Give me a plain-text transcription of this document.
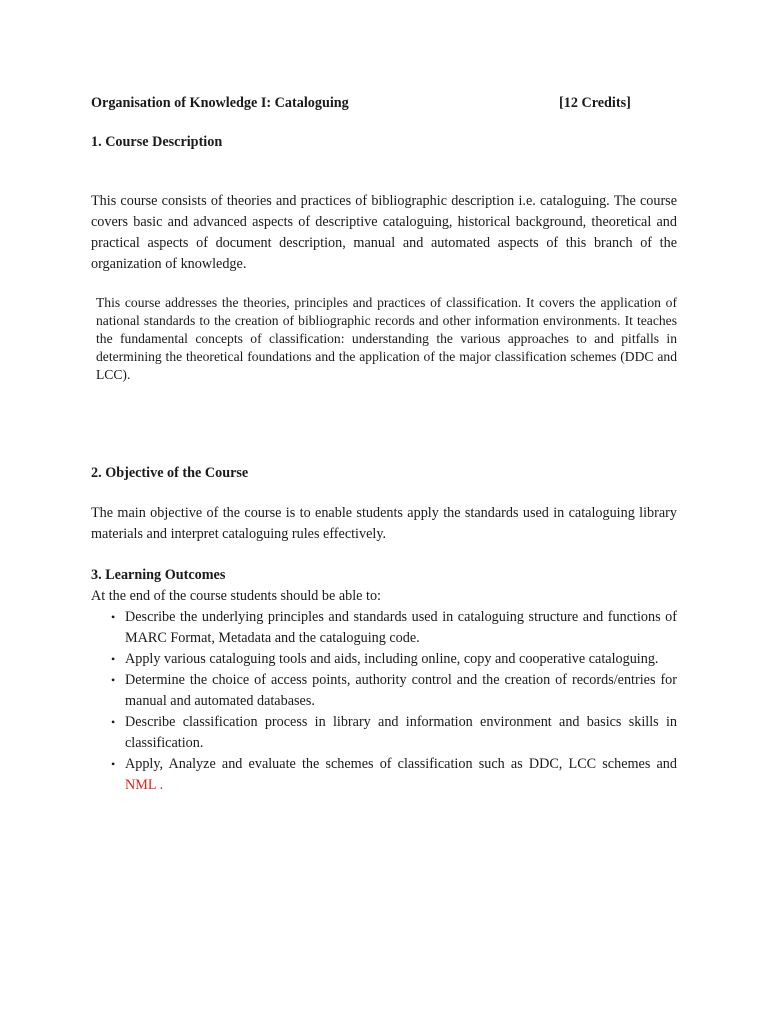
Organisation of Knowledge I: Cataloguing	[12 Credits]
1. Course Description
This course consists of theories and practices of bibliographic description i.e. cataloguing. The course covers basic and advanced aspects of descriptive cataloguing, historical background, theoretical and practical aspects of document description, manual and automated aspects of this branch of the organization of knowledge.
This course addresses the theories, principles and practices of classification. It covers the application of national standards to the creation of bibliographic records and other information environments. It teaches the fundamental concepts of classification: understanding the various approaches to and pitfalls in determining the theoretical foundations and the application of the major classification schemes (DDC and LCC).
2. Objective of the Course
The main objective of the course is to enable students apply the standards used in cataloguing library materials and interpret cataloguing rules effectively.
3. Learning Outcomes
At the end of the course students should be able to:
• Describe the underlying principles and standards used in cataloguing structure and functions of MARC Format, Metadata and the cataloguing code.
• Apply various cataloguing tools and aids, including online, copy and cooperative cataloguing.
• Determine the choice of access points, authority control and the creation of records/entries for manual and automated databases.
• Describe classification process in library and information environment and basics skills in classification.
• Apply, Analyze and evaluate the schemes of classification such as DDC, LCC schemes and NML .
